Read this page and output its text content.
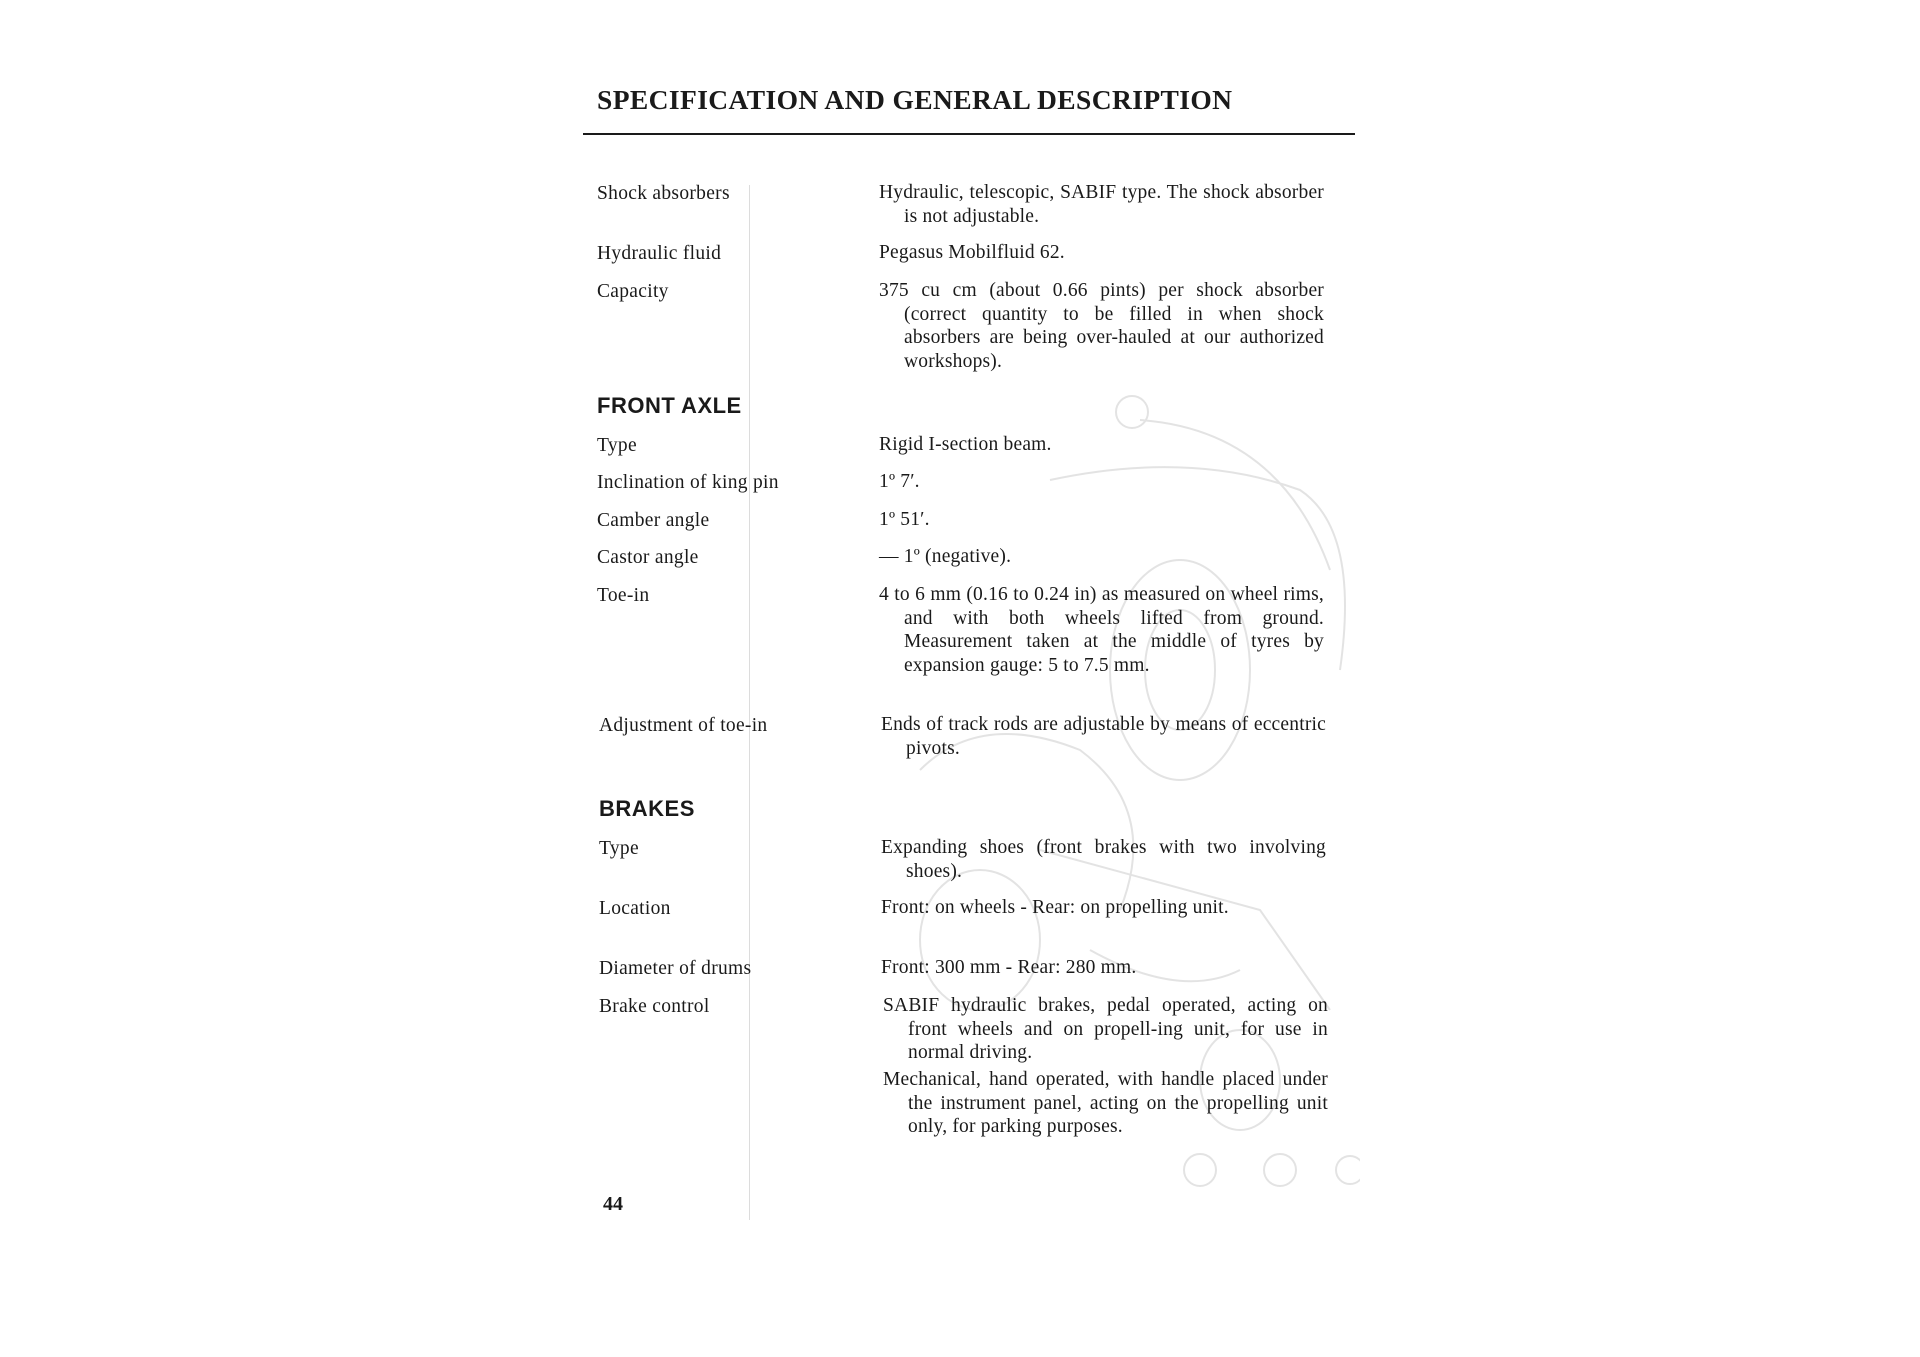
SPECIFICATION AND GENERAL DESCRIPTION
Shock absorbers	Hydraulic, telescopic, SABIF type. The shock absorber is not adjustable.
Hydraulic fluid	Pegasus Mobilfluid 62.
Capacity	375 cu cm (about 0.66 pints) per shock absorber (correct quantity to be filled in when shock absorbers are being over-hauled at our authorized workshops).
FRONT AXLE
Type	Rigid I-section beam.
Inclination of king pin	1º 7′.
Camber angle	1º 51′.
Castor angle	— 1º (negative).
Toe-in	4 to 6 mm (0.16 to 0.24 in) as measured on wheel rims, and with both wheels lifted from ground. Measurement taken at the middle of tyres by expansion gauge: 5 to 7.5 mm.
Adjustment of toe-in	Ends of track rods are adjustable by means of eccentric pivots.
BRAKES
Type	Expanding shoes (front brakes with two involving shoes).
Location	Front: on wheels - Rear: on propelling unit.
Diameter of drums	Front: 300 mm - Rear: 280 mm.
Brake control	SABIF hydraulic brakes, pedal operated, acting on front wheels and on propell-ing unit, for use in normal driving.
Mechanical, hand operated, with handle placed under the instrument panel, acting on the propelling unit only, for parking purposes.
44
